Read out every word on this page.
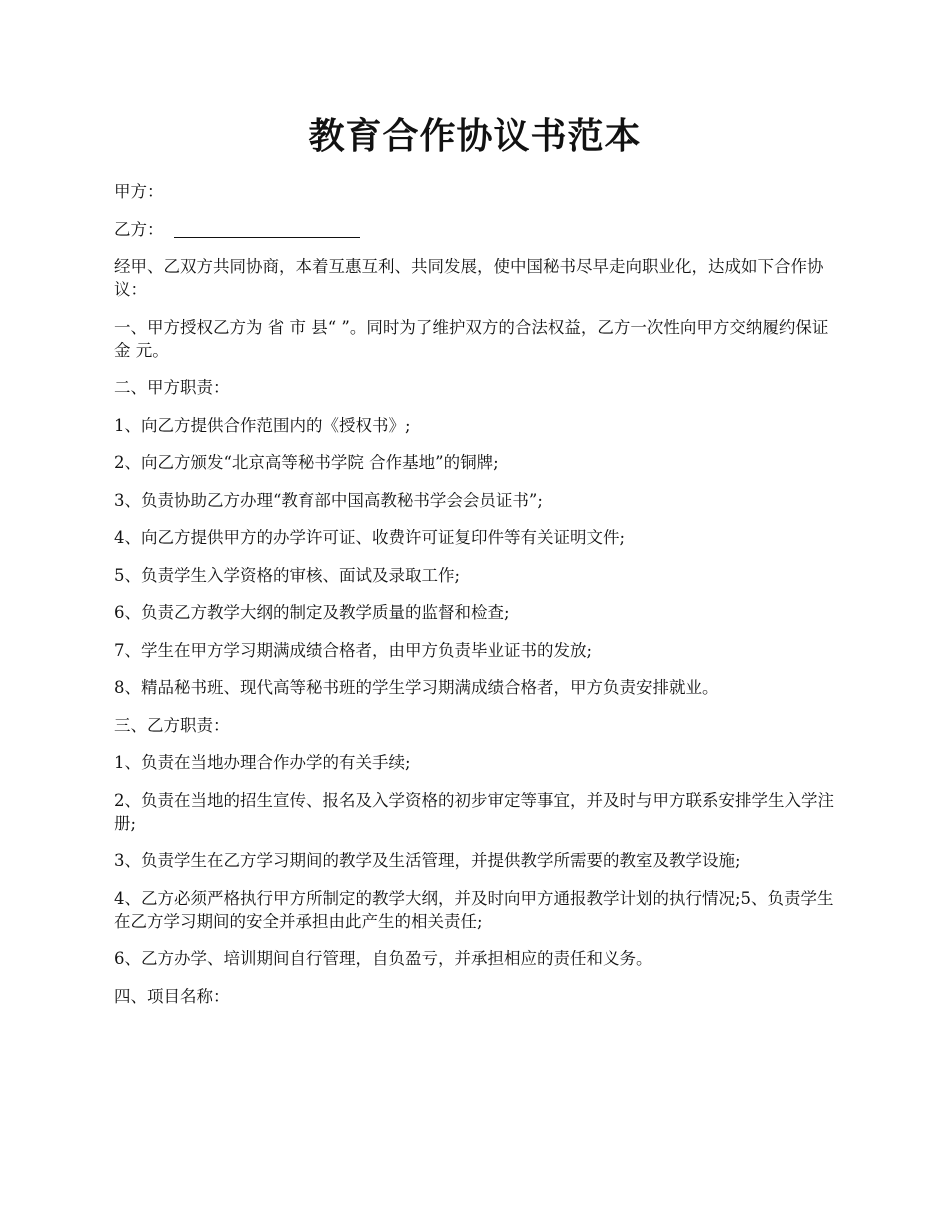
教育合作协议书范本

甲方：

乙方：

经甲、乙双方共同协商，本着互惠互利、共同发展，使中国秘书尽早走向职业化，达成如下合作协议：

一、甲方授权乙方为 省 市 县“ ”。同时为了维护双方的合法权益，乙方一次性向甲方交纳履约保证金 元。

二、甲方职责：

1、向乙方提供合作范围内的《授权书》;

2、向乙方颁发“北京高等秘书学院 合作基地”的铜牌;

3、负责协助乙方办理“教育部中国高教秘书学会会员证书”;

4、向乙方提供甲方的办学许可证、收费许可证复印件等有关证明文件;

5、负责学生入学资格的审核、面试及录取工作;

6、负责乙方教学大纲的制定及教学质量的监督和检查;

7、学生在甲方学习期满成绩合格者，由甲方负责毕业证书的发放;

8、精品秘书班、现代高等秘书班的学生学习期满成绩合格者，甲方负责安排就业。

三、乙方职责：

1、负责在当地办理合作办学的有关手续;

2、负责在当地的招生宣传、报名及入学资格的初步审定等事宜，并及时与甲方联系安排学生入学注册;

3、负责学生在乙方学习期间的教学及生活管理，并提供教学所需要的教室及教学设施;

4、乙方必须严格执行甲方所制定的教学大纲，并及时向甲方通报教学计划的执行情况;5、负责学生在乙方学习期间的安全并承担由此产生的相关责任;

6、乙方办学、培训期间自行管理，自负盈亏，并承担相应的责任和义务。

四、项目名称：
